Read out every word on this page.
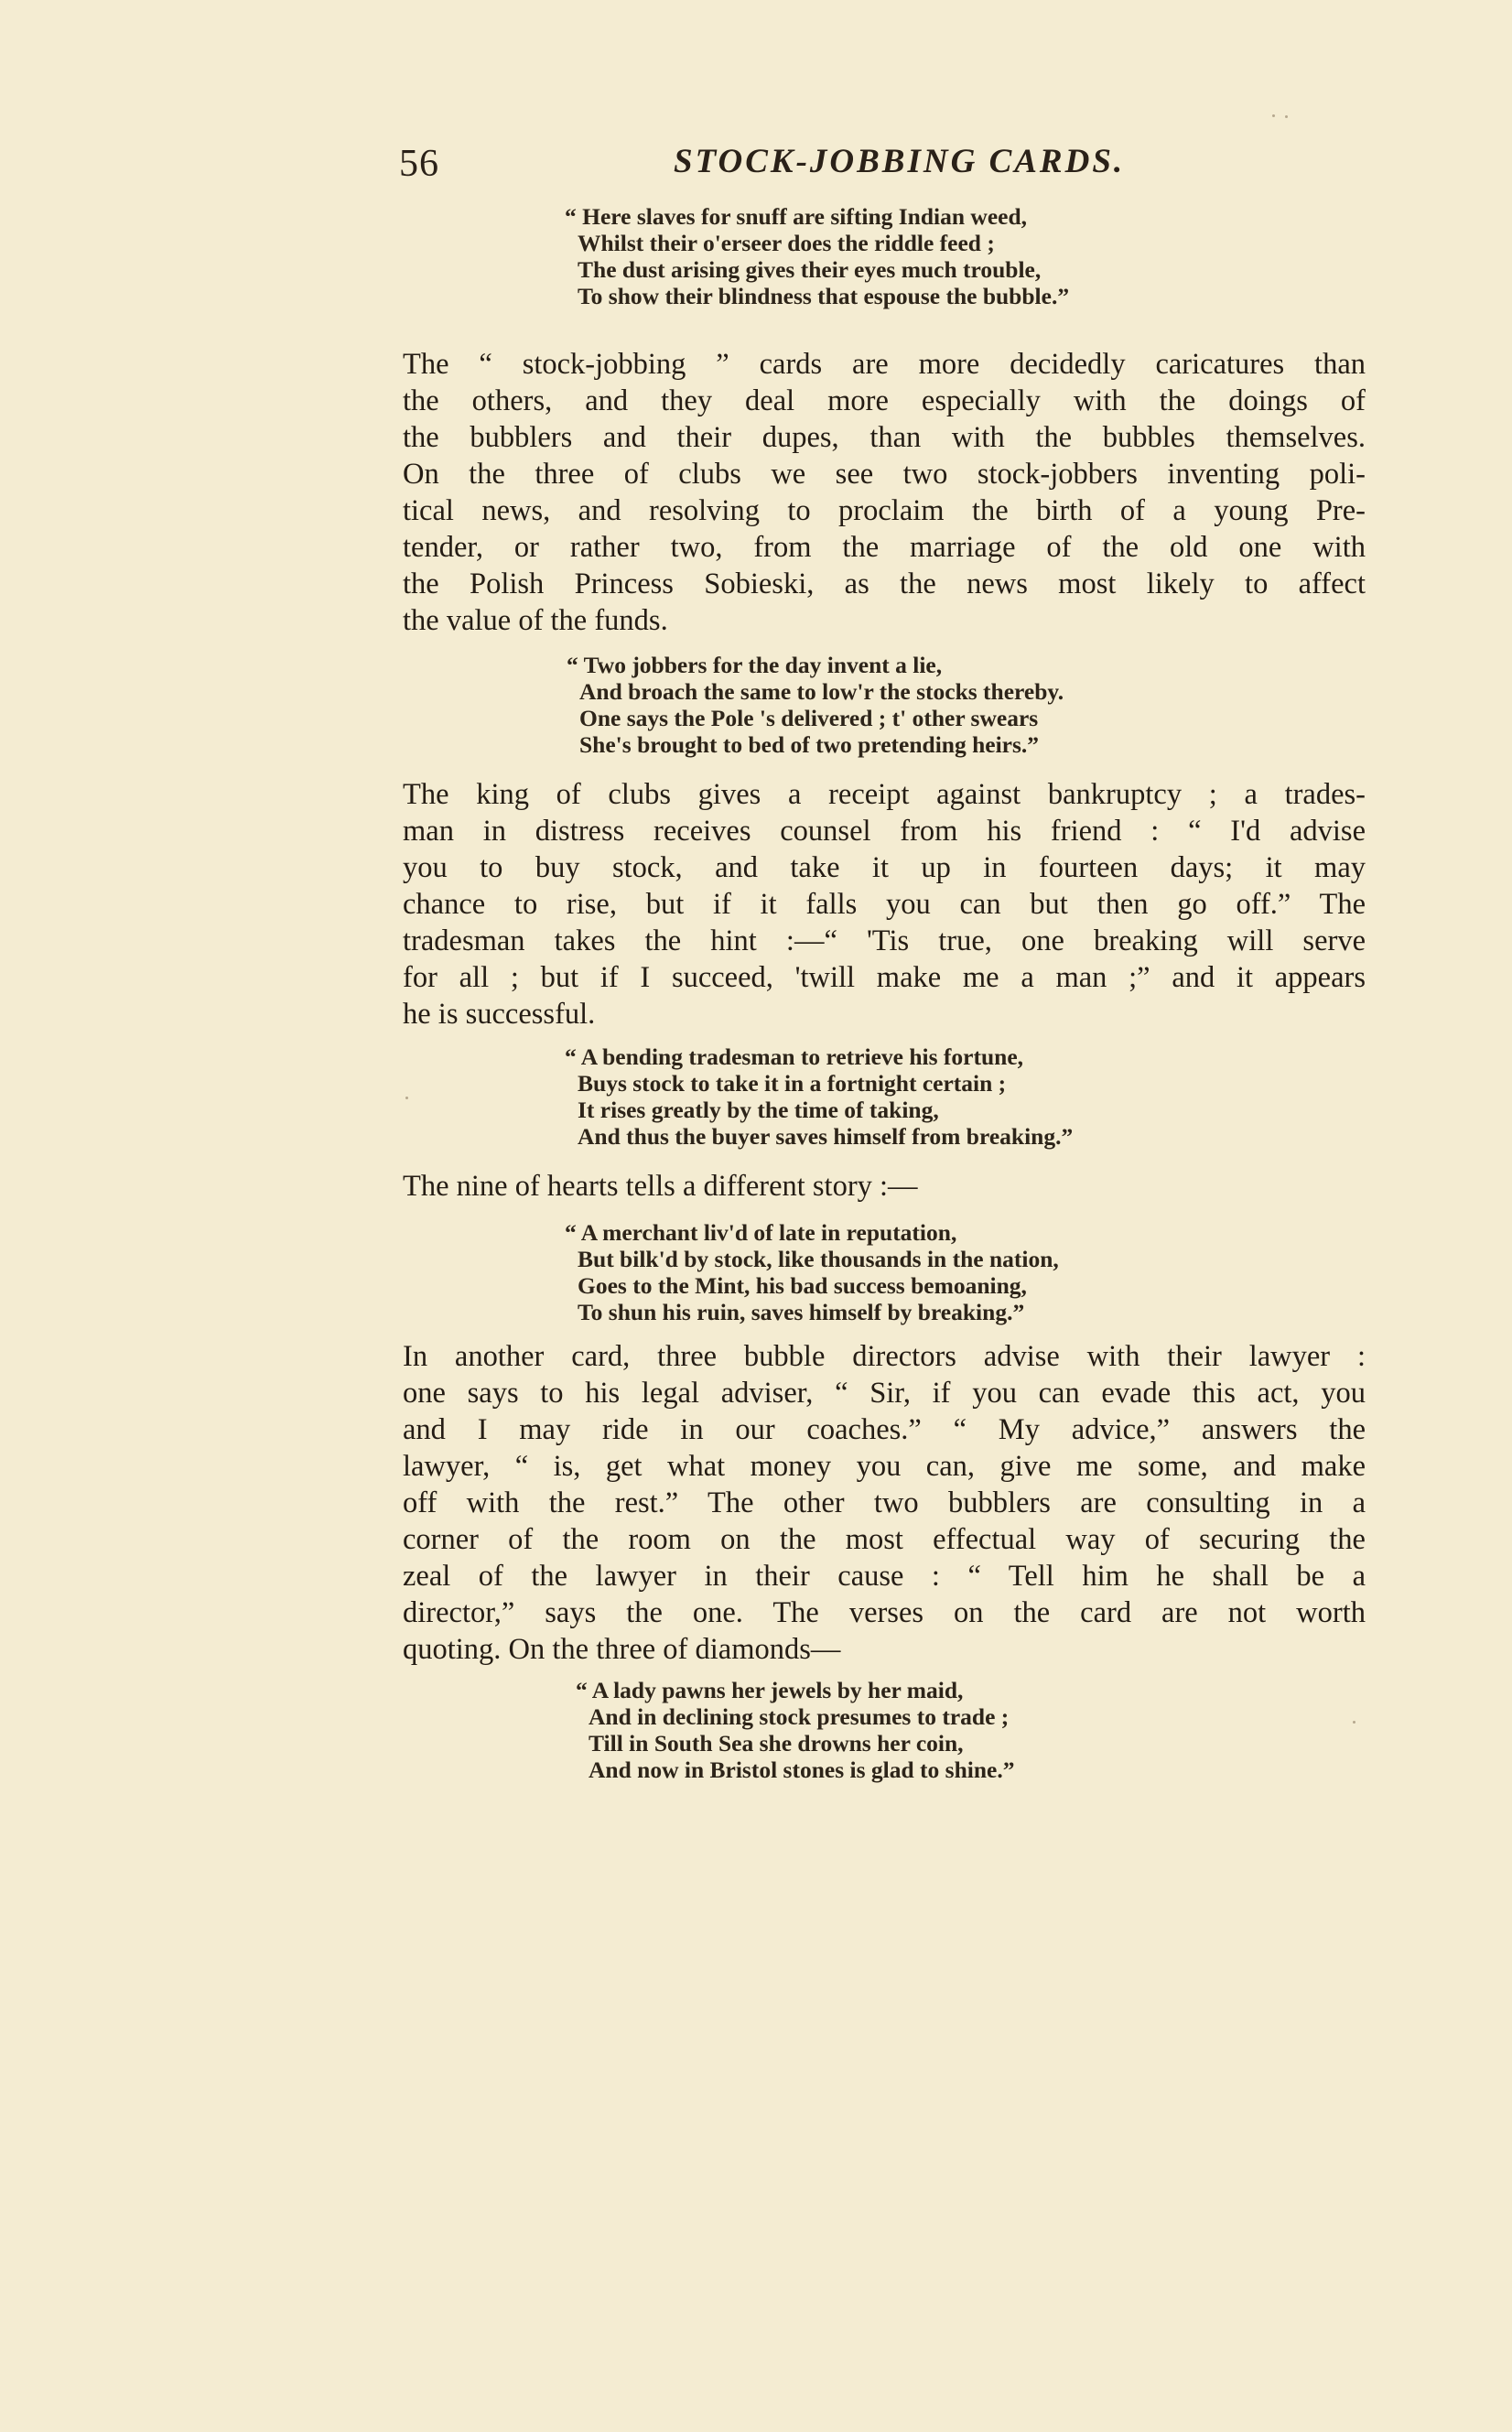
56	STOCK-JOBBING CARDS.
“ Here slaves for snuff are sifting Indian weed,
Whilst their o'erseer does the riddle feed ;
The dust arising gives their eyes much trouble,
To show their blindness that espouse the bubble.”
The “ stock-jobbing ” cards are more decidedly caricatures than
the others, and they deal more especially with the doings of
the bubblers and their dupes, than with the bubbles themselves.
On the three of clubs we see two stock-jobbers inventing poli-
tical news, and resolving to proclaim the birth of a young Pre-
tender, or rather two, from the marriage of the old one with
the Polish Princess Sobieski, as the news most likely to affect
the value of the funds.
“ Two jobbers for the day invent a lie,
And broach the same to low'r the stocks thereby.
One says the Pole 's delivered ; t' other swears
She's brought to bed of two pretending heirs.”
The king of clubs gives a receipt against bankruptcy ; a trades-
man in distress receives counsel from his friend : “ I'd advise
you to buy stock, and take it up in fourteen days; it may
chance to rise, but if it falls you can but then go off.” The
tradesman takes the hint :—“ 'Tis true, one breaking will serve
for all ; but if I succeed, 'twill make me a man ;” and it appears
he is successful.
“ A bending tradesman to retrieve his fortune,
Buys stock to take it in a fortnight certain ;
It rises greatly by the time of taking,
And thus the buyer saves himself from breaking.”
The nine of hearts tells a different story :—
“ A merchant liv'd of late in reputation,
But bilk'd by stock, like thousands in the nation,
Goes to the Mint, his bad success bemoaning,
To shun his ruin, saves himself by breaking.”
In another card, three bubble directors advise with their lawyer :
one says to his legal adviser, “ Sir, if you can evade this act, you
and I may ride in our coaches.” “ My advice,” answers the
lawyer, “ is, get what money you can, give me some, and make
off with the rest.” The other two bubblers are consulting in a
corner of the room on the most effectual way of securing the
zeal of the lawyer in their cause : “ Tell him he shall be a
director,” says the one. The verses on the card are not worth
quoting. On the three of diamonds—
“ A lady pawns her jewels by her maid,
And in declining stock presumes to trade ;
Till in South Sea she drowns her coin,
And now in Bristol stones is glad to shine.”
